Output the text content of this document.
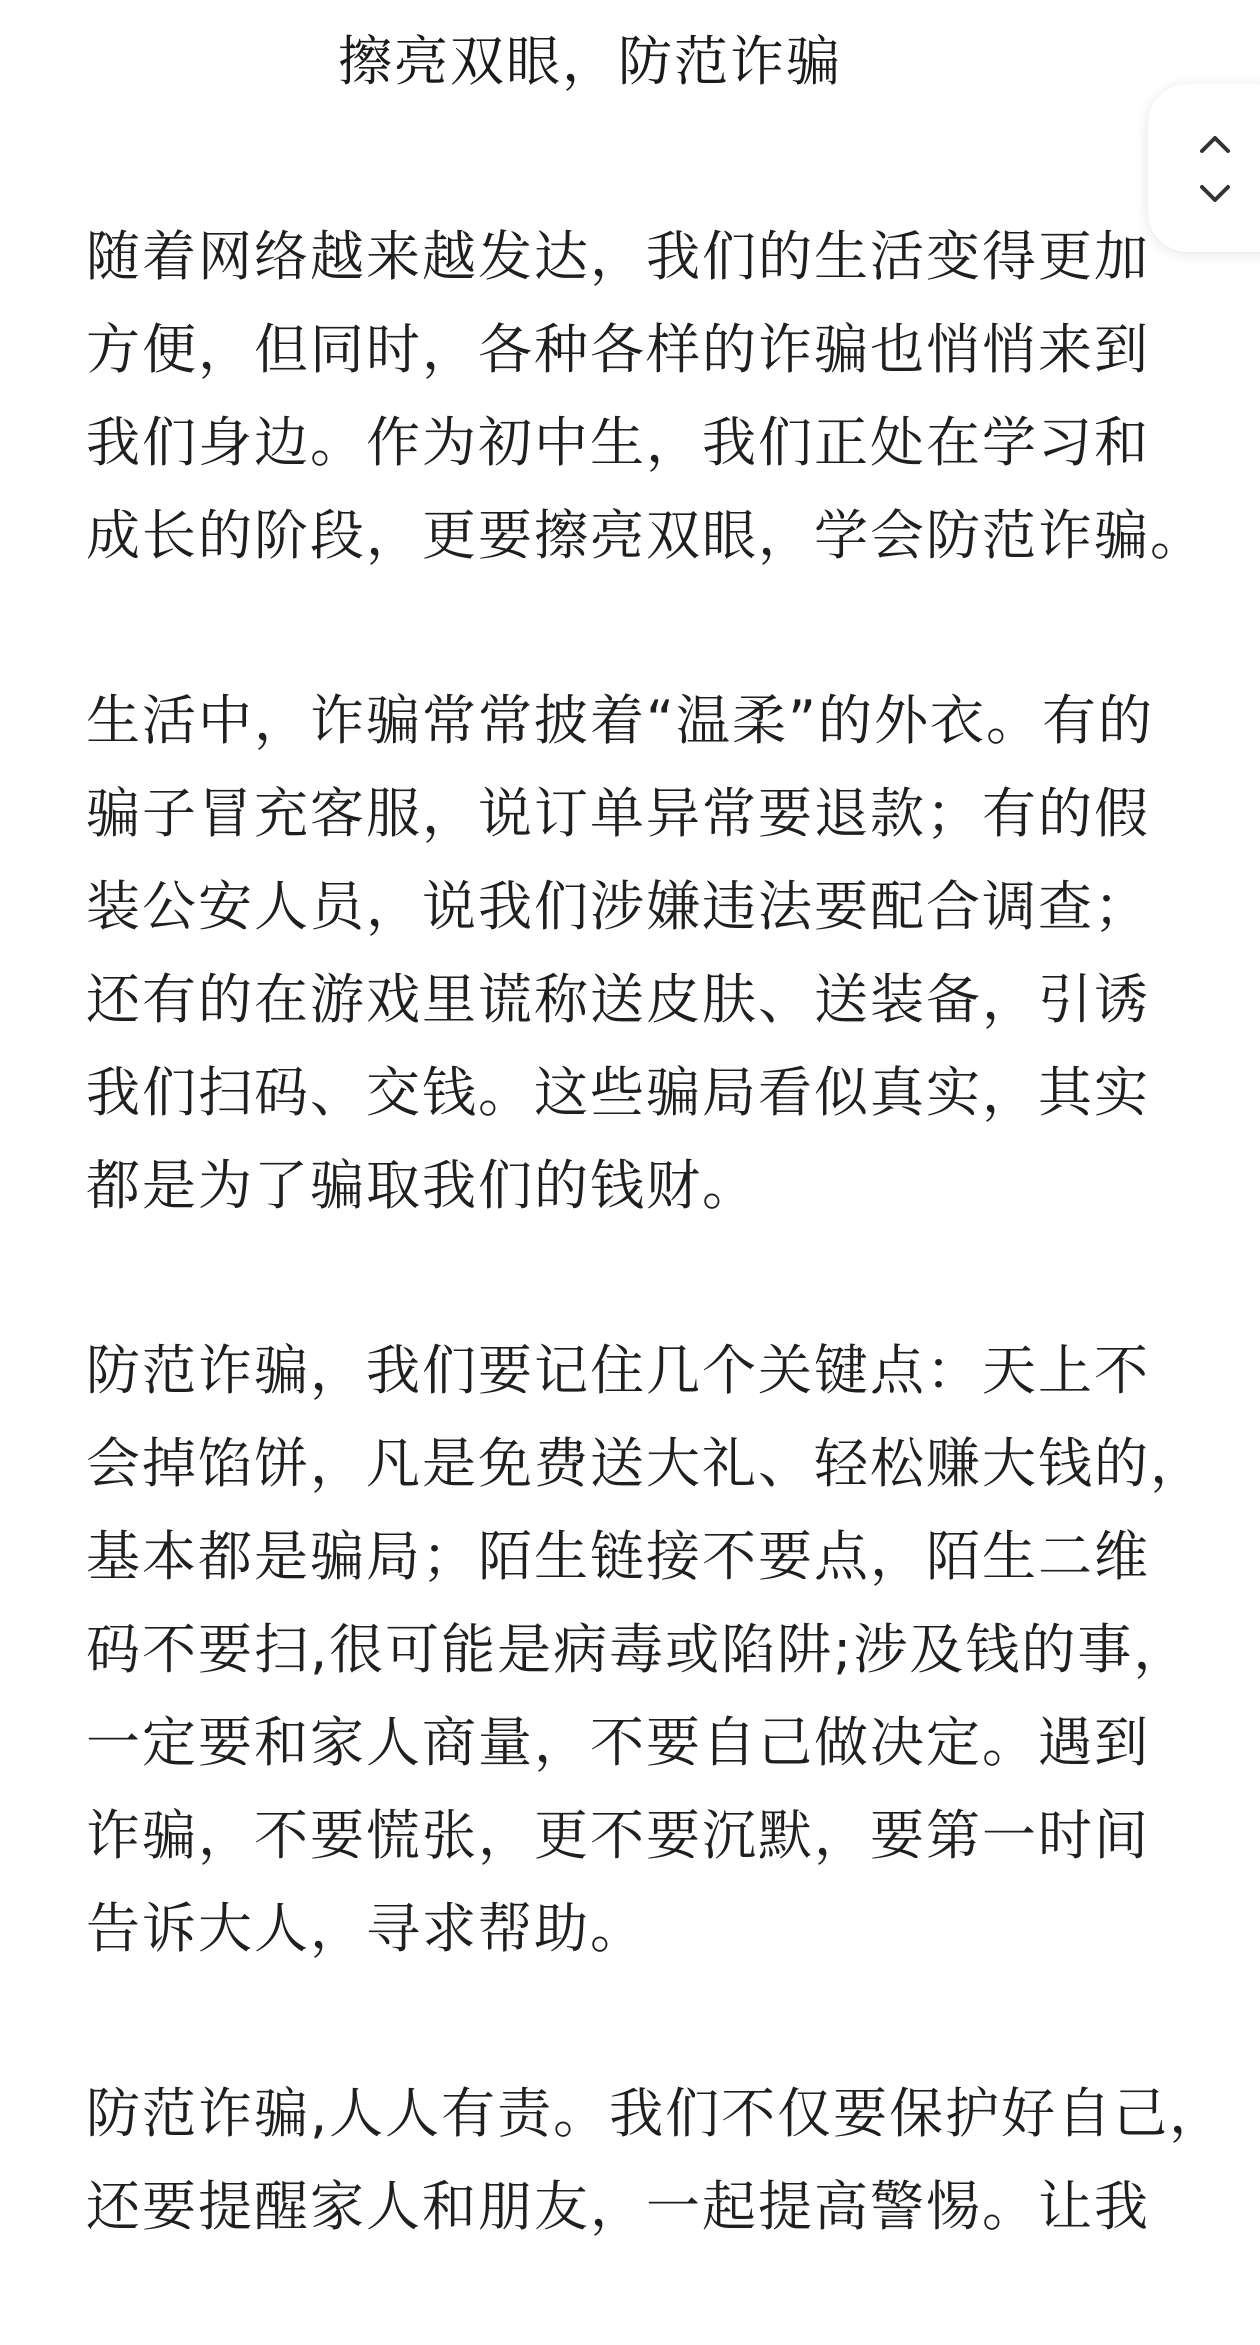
擦亮双眼，防范诈骗

随着网络越来越发达，我们的生活变得更加
方便，但同时，各种各样的诈骗也悄悄来到
我们身边。作为初中生，我们正处在学习和
成长的阶段，更要擦亮双眼，学会防范诈骗。

生活中，诈骗常常披着“温柔”的外衣。有的
骗子冒充客服，说订单异常要退款；有的假
装公安人员，说我们涉嫌违法要配合调查；
还有的在游戏里谎称送皮肤、送装备，引诱
我们扫码、交钱。这些骗局看似真实，其实
都是为了骗取我们的钱财。

防范诈骗，我们要记住几个关键点：天上不
会掉馅饼，凡是免费送大礼、轻松赚大钱的，
基本都是骗局；陌生链接不要点，陌生二维
码不要扫,很可能是病毒或陷阱;涉及钱的事，
一定要和家人商量，不要自己做决定。遇到
诈骗，不要慌张，更不要沉默，要第一时间
告诉大人，寻求帮助。

防范诈骗,人人有责。我们不仅要保护好自己，
还要提醒家人和朋友，一起提高警惕。让我
